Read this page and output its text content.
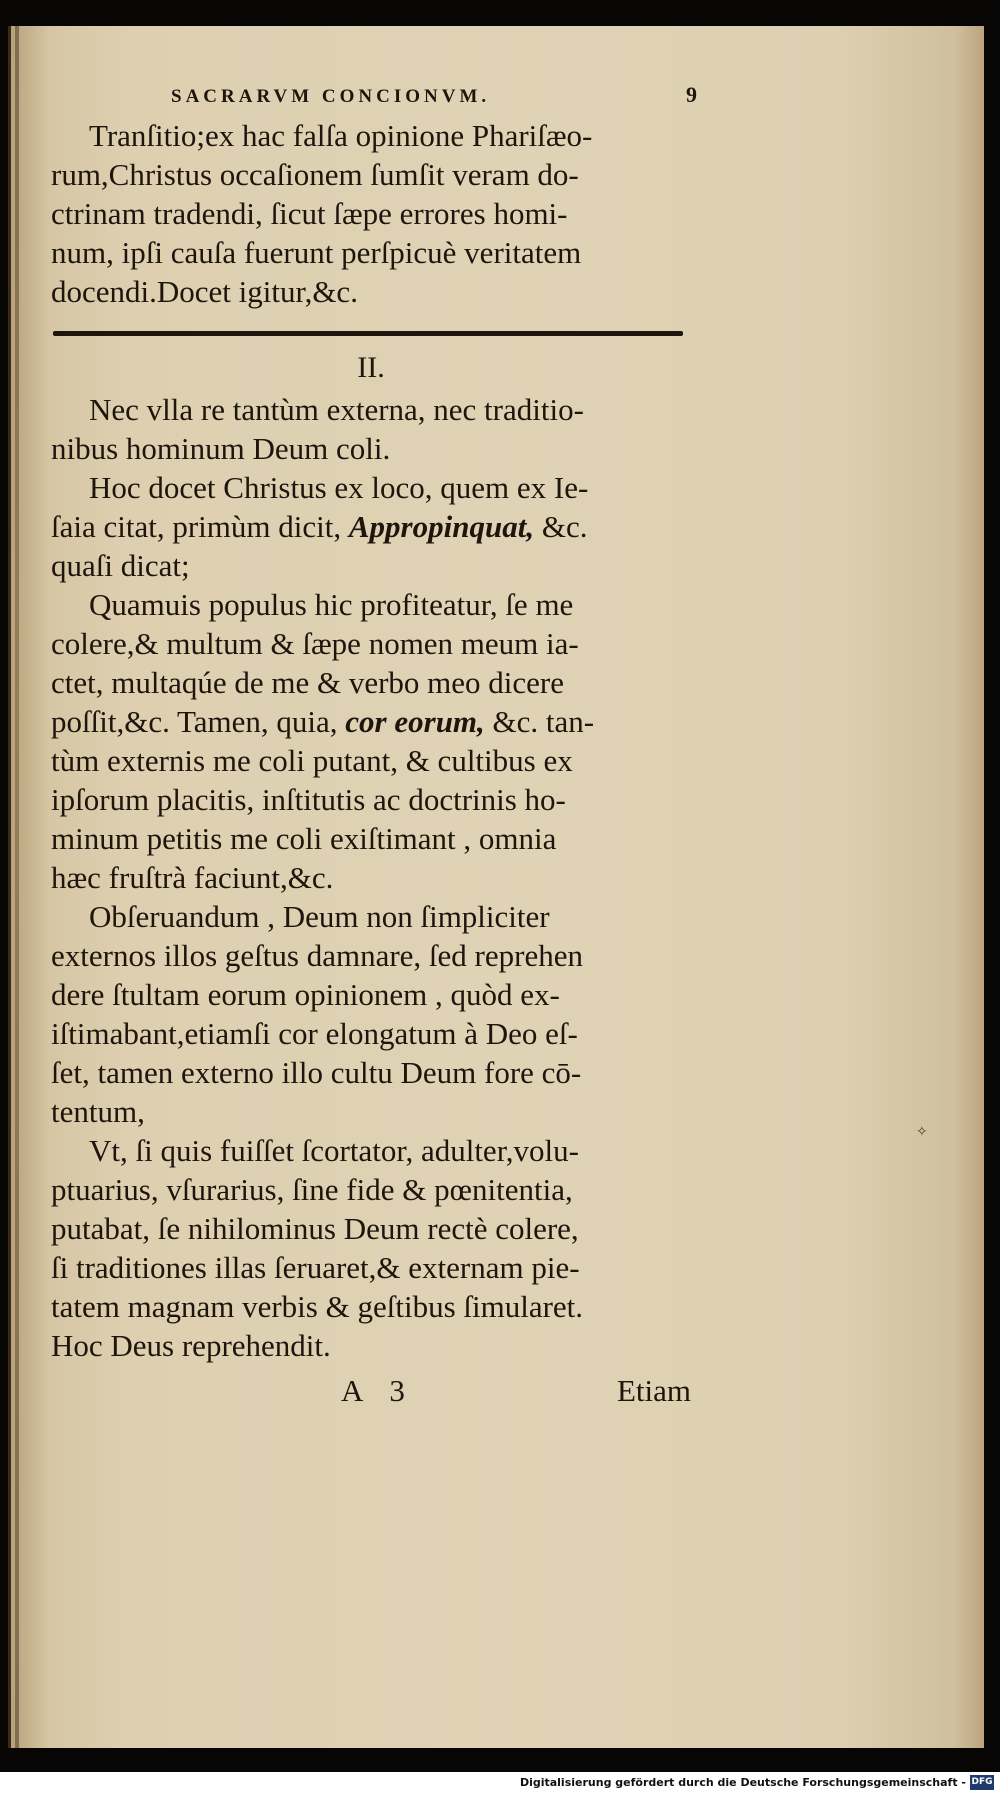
SACRARVM CONCIONVM.	9

Tranſitio;ex hac falſa opinione Phariſæo-
rum,Christus occaſionem ſumſit veram do-
ctrinam tradendi, ſicut ſæpe errores homi-
num, ipſi cauſa fuerunt perſpicuè veritatem
docendi.Docet igitur,&c.

II.

Nec vlla re tantùm externa, nec traditio-
nibus hominum Deum coli.

Hoc docet Christus ex loco, quem ex Ie-
ſaia citat, primùm dicit, Appropinquat, &c.
quaſi dicat;

Quamuis populus hic profiteatur, ſe me
colere,& multum & ſæpe nomen meum ia-
ctet, multaqúe de me & verbo meo dicere
poſſit,&c. Tamen, quia, cor eorum, &c. tan-
tùm externis me coli putant, & cultibus ex
ipſorum placitis, inſtitutis ac doctrinis ho-
minum petitis me coli exiſtimant , omnia
hæc fruſtrà faciunt,&c.

Obſeruandum , Deum non ſimpliciter
externos illos geſtus damnare, ſed reprehen
dere ſtultam eorum opinionem , quòd ex-
iſtimabant,etiamſi cor elongatum à Deo eſ-
ſet, tamen externo illo cultu Deum fore cō-
tentum,

Vt, ſi quis fuiſſet ſcortator, adulter,volu-
ptuarius, vſurarius, ſine fide & pœnitentia,
putabat, ſe nihilominus Deum rectè colere,
ſi traditiones illas ſeruaret,& externam pie-
tatem magnam verbis & geſtibus ſimularet.
Hoc Deus reprehendit.

A 3	Etiam
✧
Digitalisierung gefördert durch die Deutsche Forschungsgemeinschaft - DFG
